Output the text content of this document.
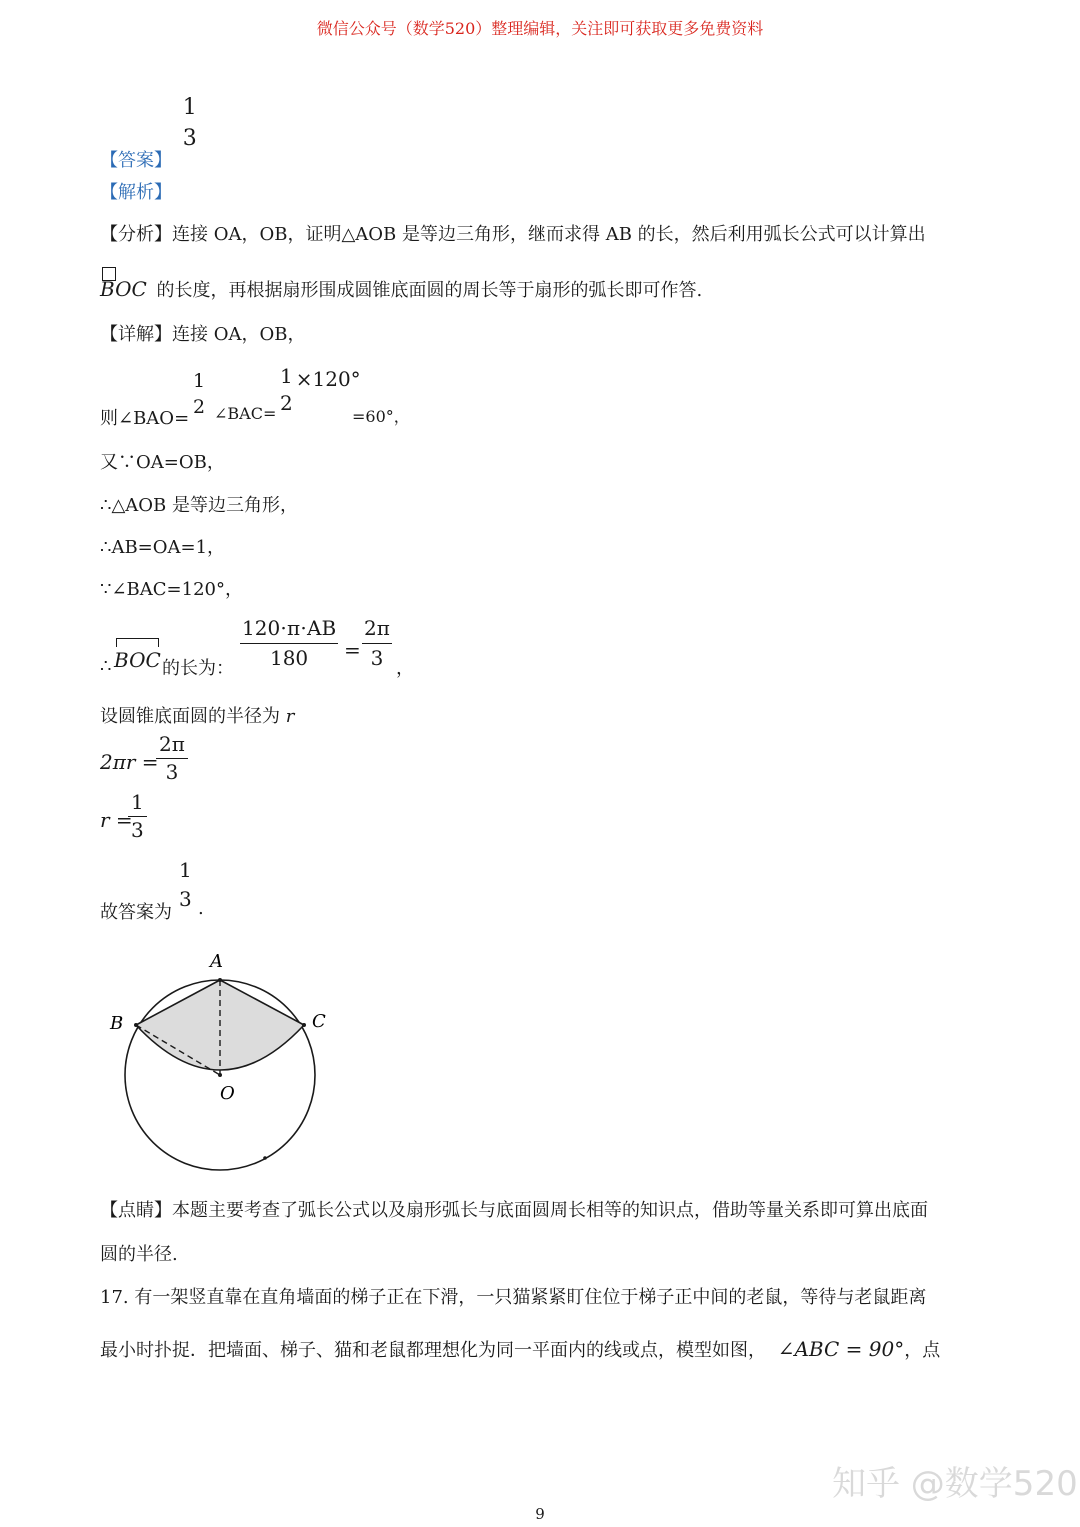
微信公众号（数学520）整理编辑，关注即可获取更多免费资料
【答案】
1
3
【解析】
【分析】连接 OA，OB，证明△AOB 是等边三角形，继而求得 AB 的长，然后利用弧长公式可以计算出
BOC 的长度，再根据扇形围成圆锥底面圆的周长等于扇形的弧长即可作答.
【详解】连接 OA，OB，
则∠BAO=
1
2 ∠BAC=
1
2
×120°
=60°，
又∵OA=OB，
∴△AOB 是等边三角形，
∴AB=OA=1，
∵∠BAC=120°，
∴ BOC 的长为： $\frac{120\cdot\pi\cdot AB}{180} = \frac{2\pi}{3}$ ，
设圆锥底面圆的半径为 r
2πr =
$\frac{2\pi}{3}$
r =
$\frac{1}{3}$
故答案为
1
3 .
A
B	C
O
【点睛】本题主要考查了弧长公式以及扇形弧长与底面圆周长相等的知识点，借助等量关系即可算出底面
圆的半径.
17. 有一架竖直靠在直角墙面的梯子正在下滑，一只猫紧紧盯住位于梯子正中间的老鼠，等待与老鼠距离
最小时扑捉．把墙面、梯子、猫和老鼠都理想化为同一平面内的线或点，模型如图， ∠ABC = 90°，点
知乎 @数学520
9
